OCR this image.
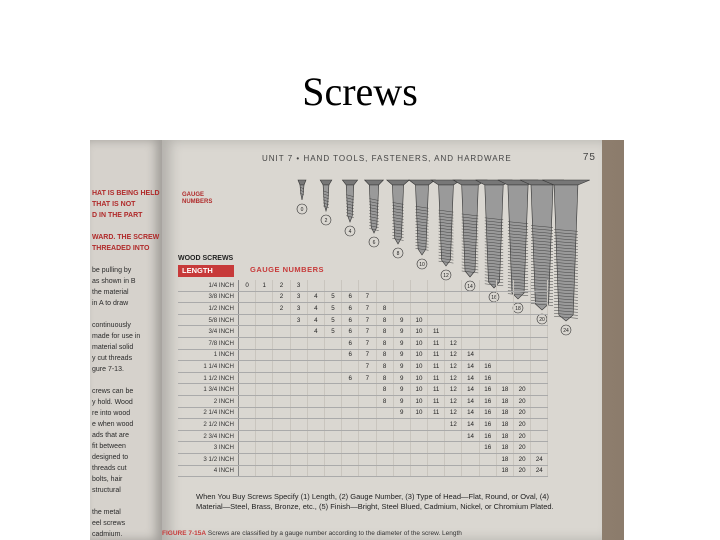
Screws
HAT IS BEING HELD
THAT IS NOT
D IN THE PART
WARD. THE SCREW
THREADED INTO
be pulling by
as shown in B
the material
in A to draw
continuously
made for use in
material solid
y cut threads
gure 7-13.
crews can be
y hold. Wood
re into wood
e when wood
ads that are
fit between
designed to
threads cut
bolts, hair
structural
the metal
eel screws
cadmium.
UNIT 7 • HAND TOOLS, FASTENERS, AND HARDWARE	75
GAUGE
NUMBERS
0
2
4
6
8
10
12
14
16
18
20
24
WOOD SCREWS
LENGTH	GAUGE NUMBERS
1/4 INCH	0	1	2	3														
3/8 INCH			2	3	4	5	6	7										
1/2 INCH			2	3	4	5	6	7	8									
5/8 INCH				3	4	5	6	7	8	9	10							
3/4 INCH					4	5	6	7	8	9	10	11						
7/8 INCH							6	7	8	9	10	11	12					
1 INCH							6	7	8	9	10	11	12	14				
1 1/4 INCH								7	8	9	10	11	12	14	16			
1 1/2 INCH							6	7	8	9	10	11	12	14	16			
1 3/4 INCH									8	9	10	11	12	14	16	18	20	
2 INCH									8	9	10	11	12	14	16	18	20	
2 1/4 INCH										9	10	11	12	14	16	18	20	
2 1/2 INCH													12	14	16	18	20	
2 3/4 INCH														14	16	18	20	
3 INCH															16	18	20	
3 1/2 INCH																18	20	24
4 INCH																18	20	24
When You Buy Screws Specify (1) Length, (2) Gauge Number, (3) Type of Head—Flat, Round, or Oval, (4) Material—Steel, Brass, Bronze, etc., (5) Finish—Bright, Steel Blued, Cadmium, Nickel, or Chromium Plated.
FIGURE 7-15A Screws are classified by a gauge number according to the diameter of the screw. Length
